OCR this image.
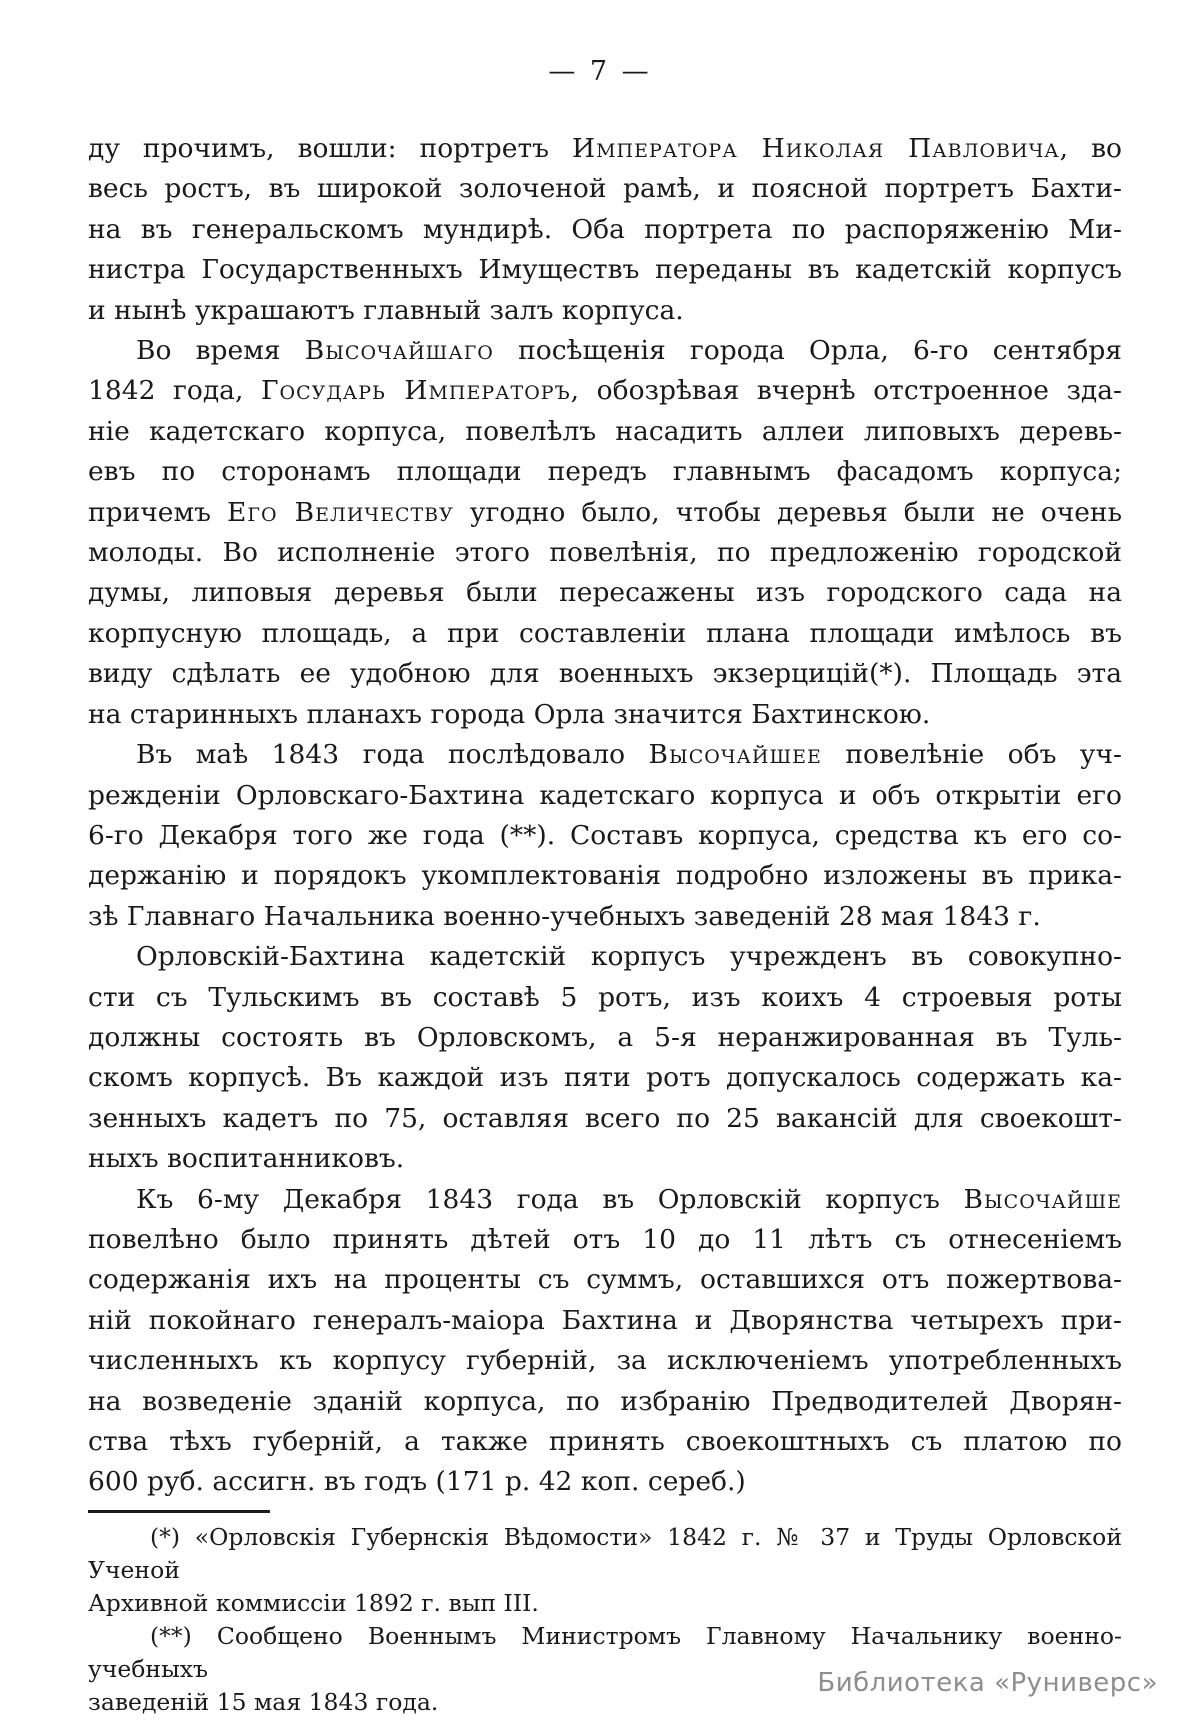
— 7 —
ду прочимъ, вошли: портретъ Императора Николая Павловича, во
весь ростъ, въ широкой золоченой рамѣ, и поясной портретъ Бахти-
на въ генеральскомъ мундирѣ. Оба портрета по распоряженію Ми-
нистра Государственныхъ Имуществъ переданы въ кадетскій корпусъ
и нынѣ украшаютъ главный залъ корпуса.
Во время Высочайшаго посѣщенія города Орла, 6-го сентября
1842 года, Государь Императоръ, обозрѣвая вчернѣ отстроенное зда-
ніе кадетскаго корпуса, повелѣлъ насадить аллеи липовыхъ деревь-
евъ по сторонамъ площади передъ главнымъ фасадомъ корпуса;
причемъ Его Величеству угодно было, чтобы деревья были не очень
молоды. Во исполненіе этого повелѣнія, по предложенію городской
думы, липовыя деревья были пересажены изъ городского сада на
корпусную площадь, а при составленіи плана площади имѣлось въ
виду сдѣлать ее удобною для военныхъ экзерцицій(*). Площадь эта
на старинныхъ планахъ города Орла значится Бахтинскою.
Въ маѣ 1843 года послѣдовало Высочайшее повелѣніе объ уч-
режденіи Орловскаго-Бахтина кадетскаго корпуса и объ открытіи его
6-го Декабря того же года (**). Составъ корпуса, средства къ его со-
держанію и порядокъ укомплектованія подробно изложены въ прика-
зѣ Главнаго Начальника военно-учебныхъ заведеній 28 мая 1843 г.
Орловскій-Бахтина кадетскій корпусъ учрежденъ въ совокупно-
сти съ Тульскимъ въ составѣ 5 ротъ, изъ коихъ 4 строевыя роты
должны состоять въ Орловскомъ, а 5-я неранжированная въ Туль-
скомъ корпусѣ. Въ каждой изъ пяти ротъ допускалось содержать ка-
зенныхъ кадетъ по 75, оставляя всего по 25 вакансій для своекошт-
ныхъ воспитанниковъ.
Къ 6-му Декабря 1843 года въ Орловскій корпусъ Высочайше
повелѣно было принять дѣтей отъ 10 до 11 лѣтъ съ отнесеніемъ
содержанія ихъ на проценты съ суммъ, оставшихся отъ пожертвова-
ній покойнаго генералъ-маіора Бахтина и Дворянства четырехъ при-
численныхъ къ корпусу губерній, за исключеніемъ употребленныхъ
на возведеніе зданій корпуса, по избранію Предводителей Дворян-
ства тѣхъ губерній, а также принять своекоштныхъ съ платою по
600 руб. ассигн. въ годъ (171 р. 42 коп. сереб.)
(*) «Орловскія Губернскія Вѣдомости» 1842 г. № 37 и Труды Орловской Ученой
Архивной коммиссіи 1892 г. вып III.
(**) Сообщено Военнымъ Министромъ Главному Начальнику военно-учебныхъ
заведеній 15 мая 1843 года.
Библиотека «Руниверс»
